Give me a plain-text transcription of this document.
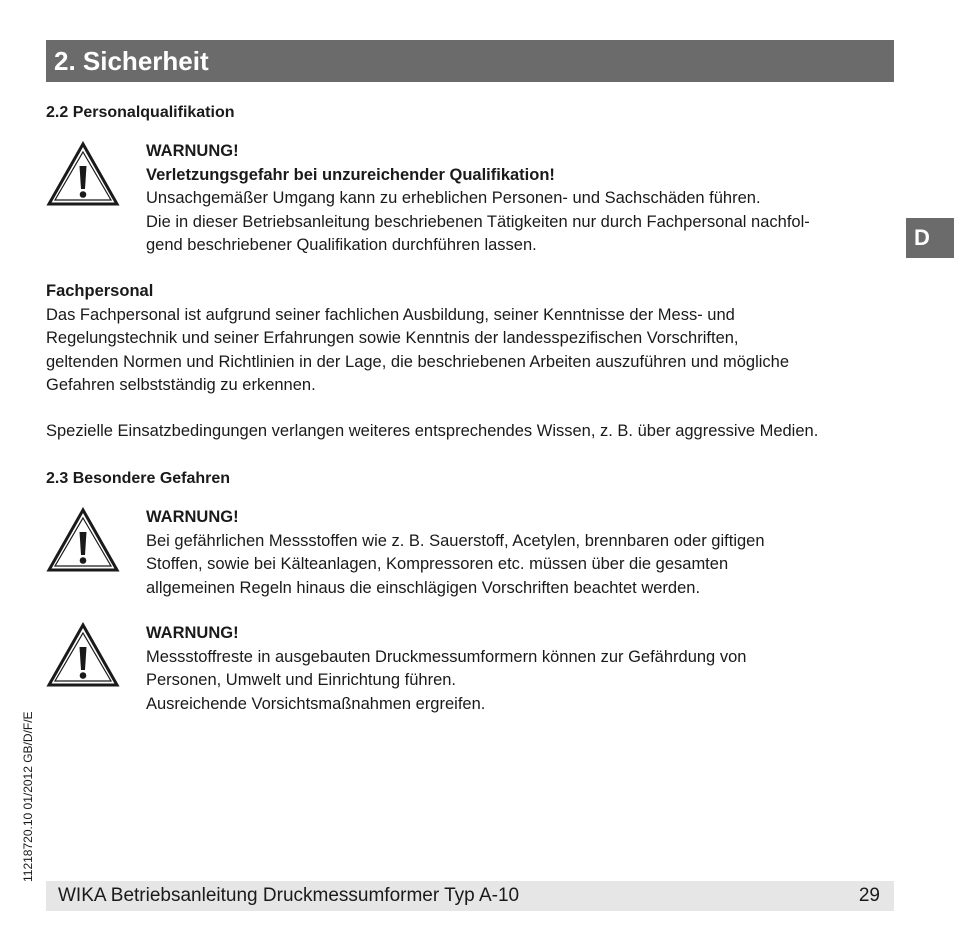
2. Sicherheit
2.2 Personalqualifikation
WARNUNG!
Verletzungsgefahr bei unzureichender Qualifikation!
Unsachgemäßer Umgang kann zu erheblichen Personen- und Sachschäden führen.
Die in dieser Betriebsanleitung beschriebenen Tätigkeiten nur durch Fachpersonal nachfol-
gend beschriebener Qualifikation durchführen lassen.
Fachpersonal
Das Fachpersonal ist aufgrund seiner fachlichen Ausbildung, seiner Kenntnisse der Mess- und
Regelungstechnik und seiner Erfahrungen sowie Kenntnis der landesspezifischen Vorschriften,
geltenden Normen und Richtlinien in der Lage, die beschriebenen Arbeiten auszuführen und mögliche
Gefahren selbstständig zu erkennen.
Spezielle Einsatzbedingungen verlangen weiteres entsprechendes Wissen, z. B. über aggressive Medien.
2.3 Besondere Gefahren
WARNUNG!
Bei gefährlichen Messstoffen wie z. B. Sauerstoff, Acetylen, brennbaren oder giftigen
Stoffen, sowie bei Kälteanlagen, Kompressoren etc. müssen über die gesamten
allgemeinen Regeln hinaus die einschlägigen Vorschriften beachtet werden.
WARNUNG!
Messstoffreste in ausgebauten Druckmessumformern können zur Gefährdung von
Personen, Umwelt und Einrichtung führen.
Ausreichende Vorsichtsmaßnahmen ergreifen.
D
11218720.10 01/2012 GB/D/F/E
WIKA Betriebsanleitung Druckmessumformer Typ A-10	29
